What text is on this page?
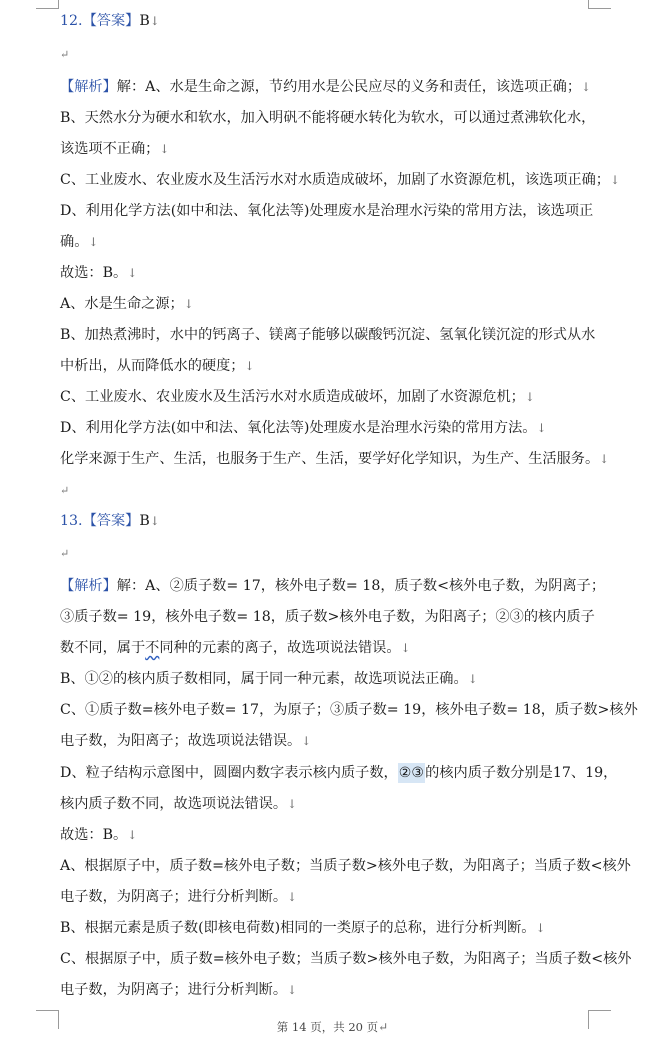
12.【答案】B↓
↵
【解析】解：A、水是生命之源，节约用水是公民应尽的义务和责任，该选项正确；↓
B、天然水分为硬水和软水，加入明矾不能将硬水转化为软水，可以通过煮沸软化水，
该选项不正确；↓
C、工业废水、农业废水及生活污水对水质造成破坏，加剧了水资源危机，该选项正确；↓
D、利用化学方法(如中和法、氧化法等)处理废水是治理水污染的常用方法，该选项正
确。↓
故选：B。↓
A、水是生命之源；↓
B、加热煮沸时，水中的钙离子、镁离子能够以碳酸钙沉淀、氢氧化镁沉淀的形式从水
中析出，从而降低水的硬度；↓
C、工业废水、农业废水及生活污水对水质造成破坏，加剧了水资源危机；↓
D、利用化学方法(如中和法、氧化法等)处理废水是治理水污染的常用方法。↓
化学来源于生产、生活，也服务于生产、生活，要学好化学知识，为生产、生活服务。↓
↵
13.【答案】B↓
↵
【解析】解：A、②质子数= 17，核外电子数= 18，质子数<核外电子数，为阴离子；
③质子数= 19，核外电子数= 18，质子数>核外电子数，为阳离子；②③的核内质子
数不同，属于不同种的元素的离子，故选项说法错误。↓
B、①②的核内质子数相同，属于同一种元素，故选项说法正确。↓
C、①质子数=核外电子数= 17，为原子；③质子数= 19，核外电子数= 18，质子数>核外
电子数，为阳离子；故选项说法错误。↓
D、粒子结构示意图中，圆圈内数字表示核内质子数，②③的核内质子数分别是17、19，
核内质子数不同，故选项说法错误。↓
故选：B。↓
A、根据原子中，质子数=核外电子数；当质子数>核外电子数，为阳离子；当质子数<核外
电子数，为阴离子；进行分析判断。↓
B、根据元素是质子数(即核电荷数)相同的一类原子的总称，进行分析判断。↓
C、根据原子中，质子数=核外电子数；当质子数>核外电子数，为阳离子；当质子数<核外
电子数，为阴离子；进行分析判断。↓
第 14 页，共 20 页↵
